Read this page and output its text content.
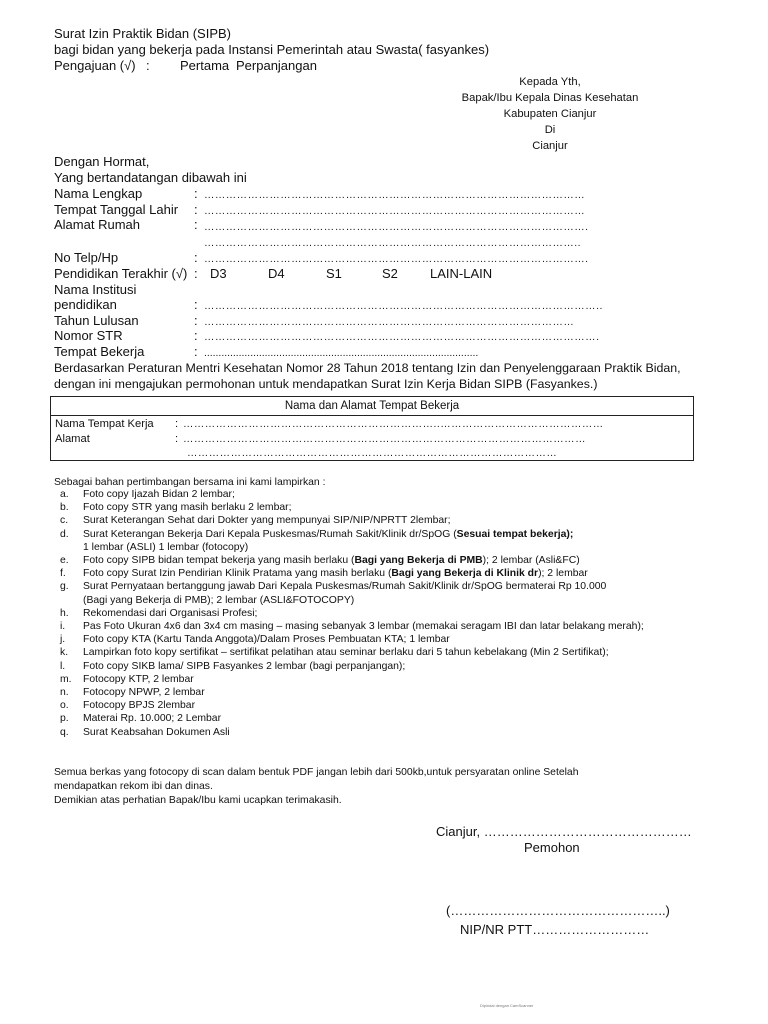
Surat Izin Praktik Bidan (SIPB)
bagi bidan yang bekerja pada Instansi Pemerintah atau Swasta( fasyankes)
Pengajuan (√) : Pertama Perpanjangan
Kepada Yth,
Bapak/Ibu Kepala Dinas Kesehatan
Kabupaten Cianjur
Di
Cianjur
Dengan Hormat,
Yang bertandatangan dibawah ini
Nama Lengkap	: ……………………………………………………………………………………………
Tempat Tanggal Lahir : ……………………………………………………………………………………………
Alamat Rumah	: …………………………………………………………………………………………….
…………………………………………………………………………………………..
No Telp/Hp	: …………………………………………………………………………………………….
Pendidikan Terakhir (√) : D3	D4	S1	S2 LAIN-LAIN
Nama Institusi
pendidikan	: ………………………………………………………………………………………………..
Tahun Lulusan	: …………………………………………………………………………………………
Nomor STR	: ……………………………………………………………………………………………….
Tempat Bekerja	: ...............................................................................................
Berdasarkan Peraturan Mentri Kesehatan Nomor 28 Tahun 2018 tentang Izin dan Penyelenggaraan Praktik Bidan,
dengan ini mengajukan permohonan untuk mendapatkan Surat Izin Kerja Bidan SIPB (Fasyankes.)
Nama dan Alamat Tempat Bekerja
Nama Tempat Kerja : ……………………………………………………………..………………………………………
Alamat	: …………………………………………………………………………………………………
…………………………………………………………………………………………
Sebagai bahan pertimbangan bersama ini kami lampirkan :
a. Foto copy Ijazah Bidan 2 lembar;
b. Foto copy STR yang masih berlaku 2 lembar;
c. Surat Keterangan Sehat dari Dokter yang mempunyai SIP/NIP/NPRTT 2lembar;
d. Surat Keterangan Bekerja Dari Kepala Puskesmas/Rumah Sakit/Klinik dr/SpOG (Sesuai tempat bekerja);
1 lembar (ASLI) 1 lembar (fotocopy)
e. Foto copy SIPB bidan tempat bekerja yang masih berlaku (Bagi yang Bekerja di PMB); 2 lembar (Asli&FC)
f. Foto copy Surat Izin Pendirian Klinik Pratama yang masih berlaku (Bagi yang Bekerja di Klinik dr); 2 lembar
g. Surat Pernyataan bertanggung jawab Dari Kepala Puskesmas/Rumah Sakit/Klinik dr/SpOG bermaterai Rp 10.000
(Bagi yang Bekerja di PMB); 2 lembar (ASLI&FOTOCOPY)
h. Rekomendasi dari Organisasi Profesi;
i. Pas Foto Ukuran 4x6 dan 3x4 cm masing – masing sebanyak 3 lembar (memakai seragam IBI dan latar belakang merah);
j. Foto copy KTA (Kartu Tanda Anggota)/Dalam Proses Pembuatan KTA; 1 lembar
k. Lampirkan foto kopy sertifikat – sertifikat pelatihan atau seminar berlaku dari 5 tahun kebelakang (Min 2 Sertifikat);
l. Foto copy SIKB lama/ SIPB Fasyankes 2 lembar (bagi perpanjangan);
m. Fotocopy KTP, 2 lembar
n. Fotocopy NPWP, 2 lembar
o. Fotocopy BPJS 2lembar
p. Materai Rp. 10.000; 2 Lembar
q. Surat Keabsahan Dokumen Asli
Semua berkas yang fotocopy di scan dalam bentuk PDF jangan lebih dari 500kb,untuk persyaratan online Setelah
mendapatkan rekom ibi dan dinas.
Demikian atas perhatian Bapak/Ibu kami ucapkan terimakasih.
Cianjur, …………………………………………
Pemohon
(…………………………………………..)
NIP/NR PTT………………………
Dipindai dengan CamScanner
